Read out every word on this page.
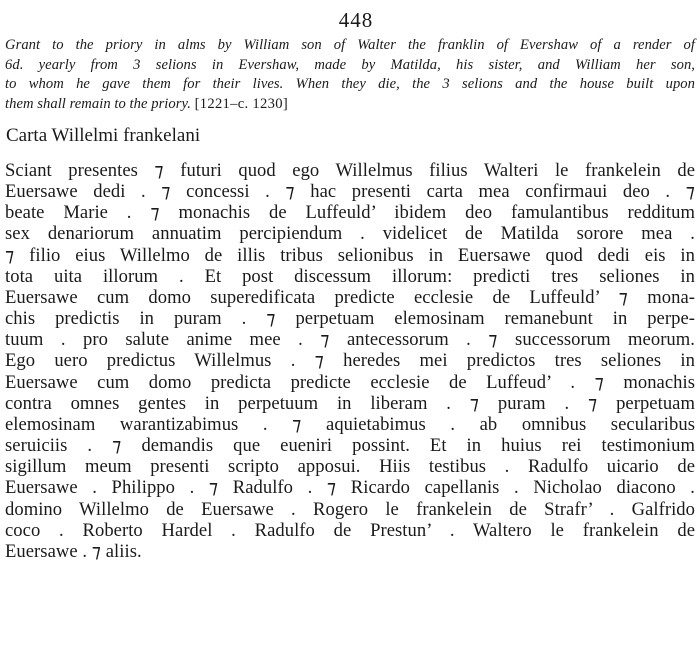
448
Grant to the priory in alms by William son of Walter the franklin of Evershaw of a render of
6d. yearly from 3 selions in Evershaw, made by Matilda, his sister, and William her son,
to whom he gave them for their lives. When they die, the 3 selions and the house built upon
them shall remain to the priory. [1221–c. 1230]
Carta Willelmi frankelani
Sciant presentes ⁊ futuri quod ego Willelmus filius Walteri le frankelein de
Euersawe dedi . ⁊ concessi . ⁊ hac presenti carta mea confirmaui deo . ⁊
beate Marie . ⁊ monachis de Luffeuld’ ibidem deo famulantibus redditum
sex denariorum annuatim percipiendum . videlicet de Matilda sorore mea .
⁊ filio eius Willelmo de illis tribus selionibus in Euersawe quod dedi eis in
tota uita illorum . Et post discessum illorum: predicti tres seliones in
Euersawe cum domo superedificata predicte ecclesie de Luffeuld’ ⁊ mona-
chis predictis in puram . ⁊ perpetuam elemosinam remanebunt in perpe-
tuum . pro salute anime mee . ⁊ antecessorum . ⁊ successorum meorum.
Ego uero predictus Willelmus . ⁊ heredes mei predictos tres seliones in
Euersawe cum domo predicta predicte ecclesie de Luffeud’ . ⁊ monachis
contra omnes gentes in perpetuum in liberam . ⁊ puram . ⁊ perpetuam
elemosinam warantizabimus . ⁊ aquietabimus . ab omnibus secularibus
seruiciis . ⁊ demandis que eueniri possint. Et in huius rei testimonium
sigillum meum presenti scripto apposui. Hiis testibus . Radulfo uicario de
Euersawe . Philippo . ⁊ Radulfo . ⁊ Ricardo capellanis . Nicholao diacono .
domino Willelmo de Euersawe . Rogero le frankelein de Strafr’ . Galfrido
coco . Roberto Hardel . Radulfo de Prestun’ . Waltero le frankelein de
Euersawe . ⁊ aliis.
